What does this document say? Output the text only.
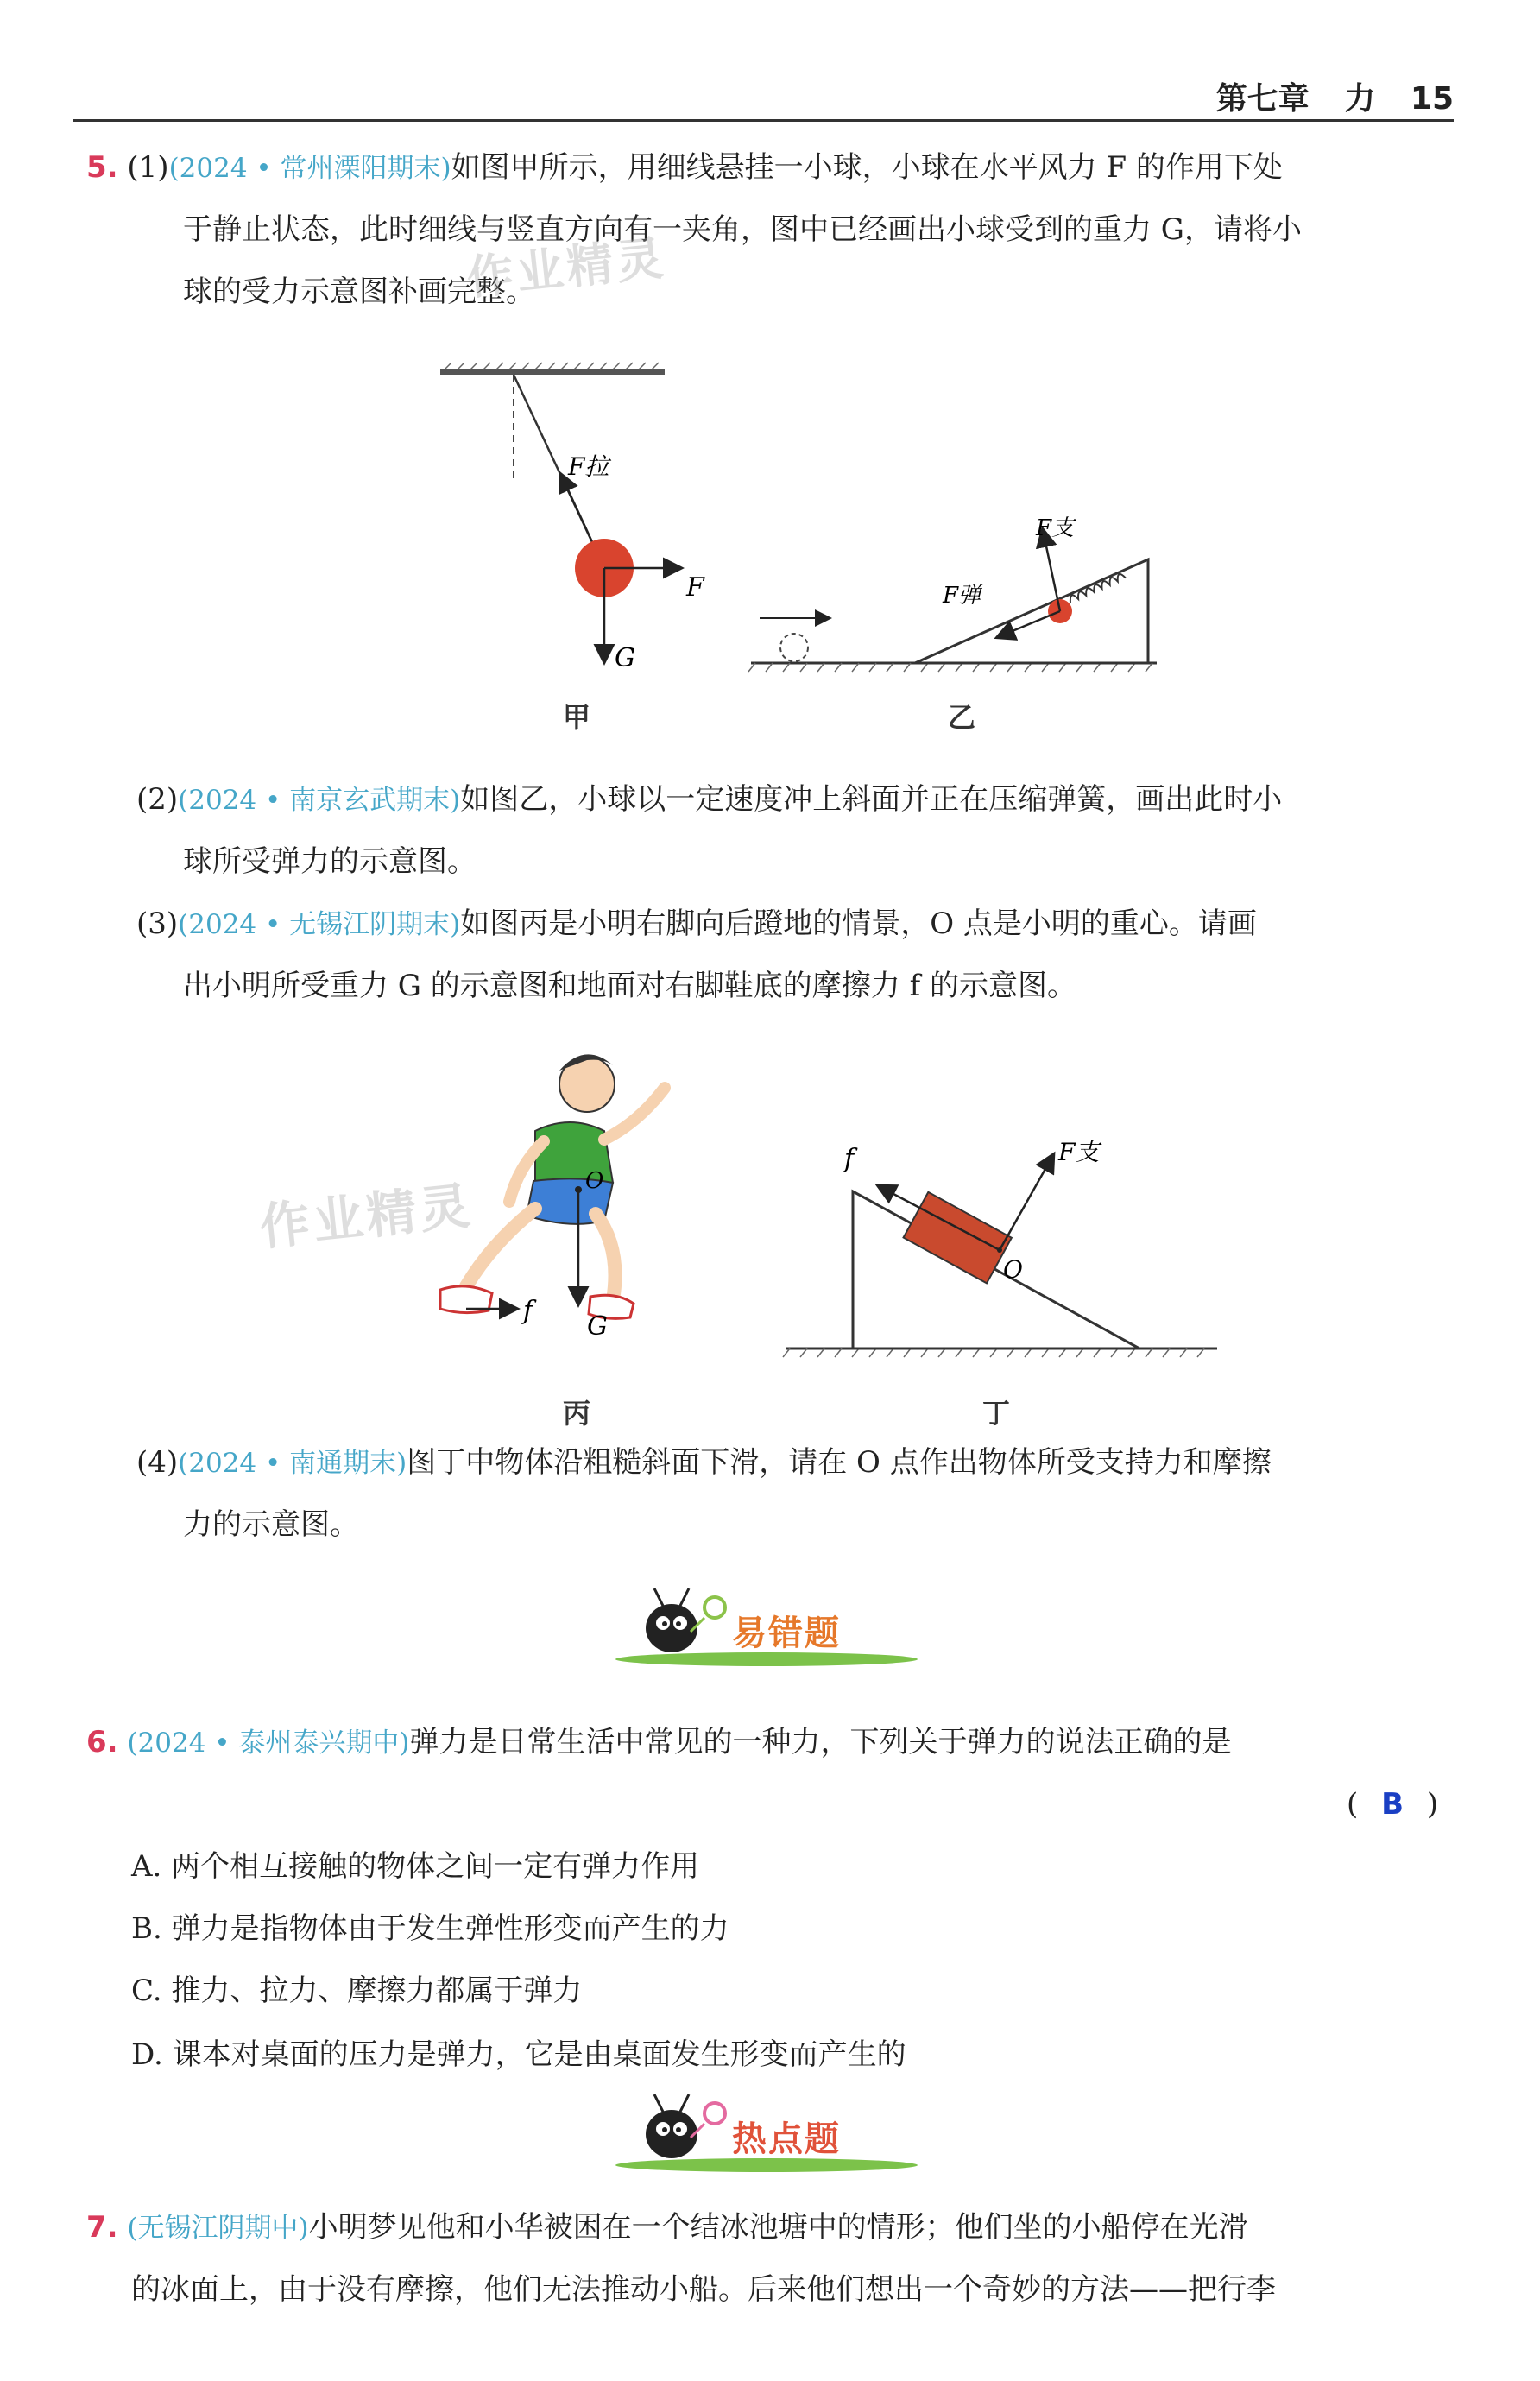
第七章 力 15
5. (1)(2024 • 常州溧阳期末)如图甲所示，用细线悬挂一小球，小球在水平风力 F 的作用下处
于静止状态，此时细线与竖直方向有一夹角，图中已经画出小球受到的重力 G，请将小
球的受力示意图补画完整。
作业精灵
F拉
F
G
甲
F支
F弹
乙
(2)(2024 • 南京玄武期末)如图乙，小球以一定速度冲上斜面并正在压缩弹簧，画出此时小
球所受弹力的示意图。
(3)(2024 • 无锡江阴期末)如图丙是小明右脚向后蹬地的情景，O 点是小明的重心。请画
出小明所受重力 G 的示意图和地面对右脚鞋底的摩擦力 f 的示意图。
O
f
G
作业精灵
丙
O
F支
f
丁
(4)(2024 • 南通期末)图丁中物体沿粗糙斜面下滑，请在 O 点作出物体所受支持力和摩擦
力的示意图。
易错题
6. (2024 • 泰州泰兴期中)弹力是日常生活中常见的一种力，下列关于弹力的说法正确的是
( B )
A. 两个相互接触的物体之间一定有弹力作用
B. 弹力是指物体由于发生弹性形变而产生的力
C. 推力、拉力、摩擦力都属于弹力
D. 课本对桌面的压力是弹力，它是由桌面发生形变而产生的
热点题
7. (无锡江阴期中)小明梦见他和小华被困在一个结冰池塘中的情形；他们坐的小船停在光滑
的冰面上，由于没有摩擦，他们无法推动小船。后来他们想出一个奇妙的方法——把行李
